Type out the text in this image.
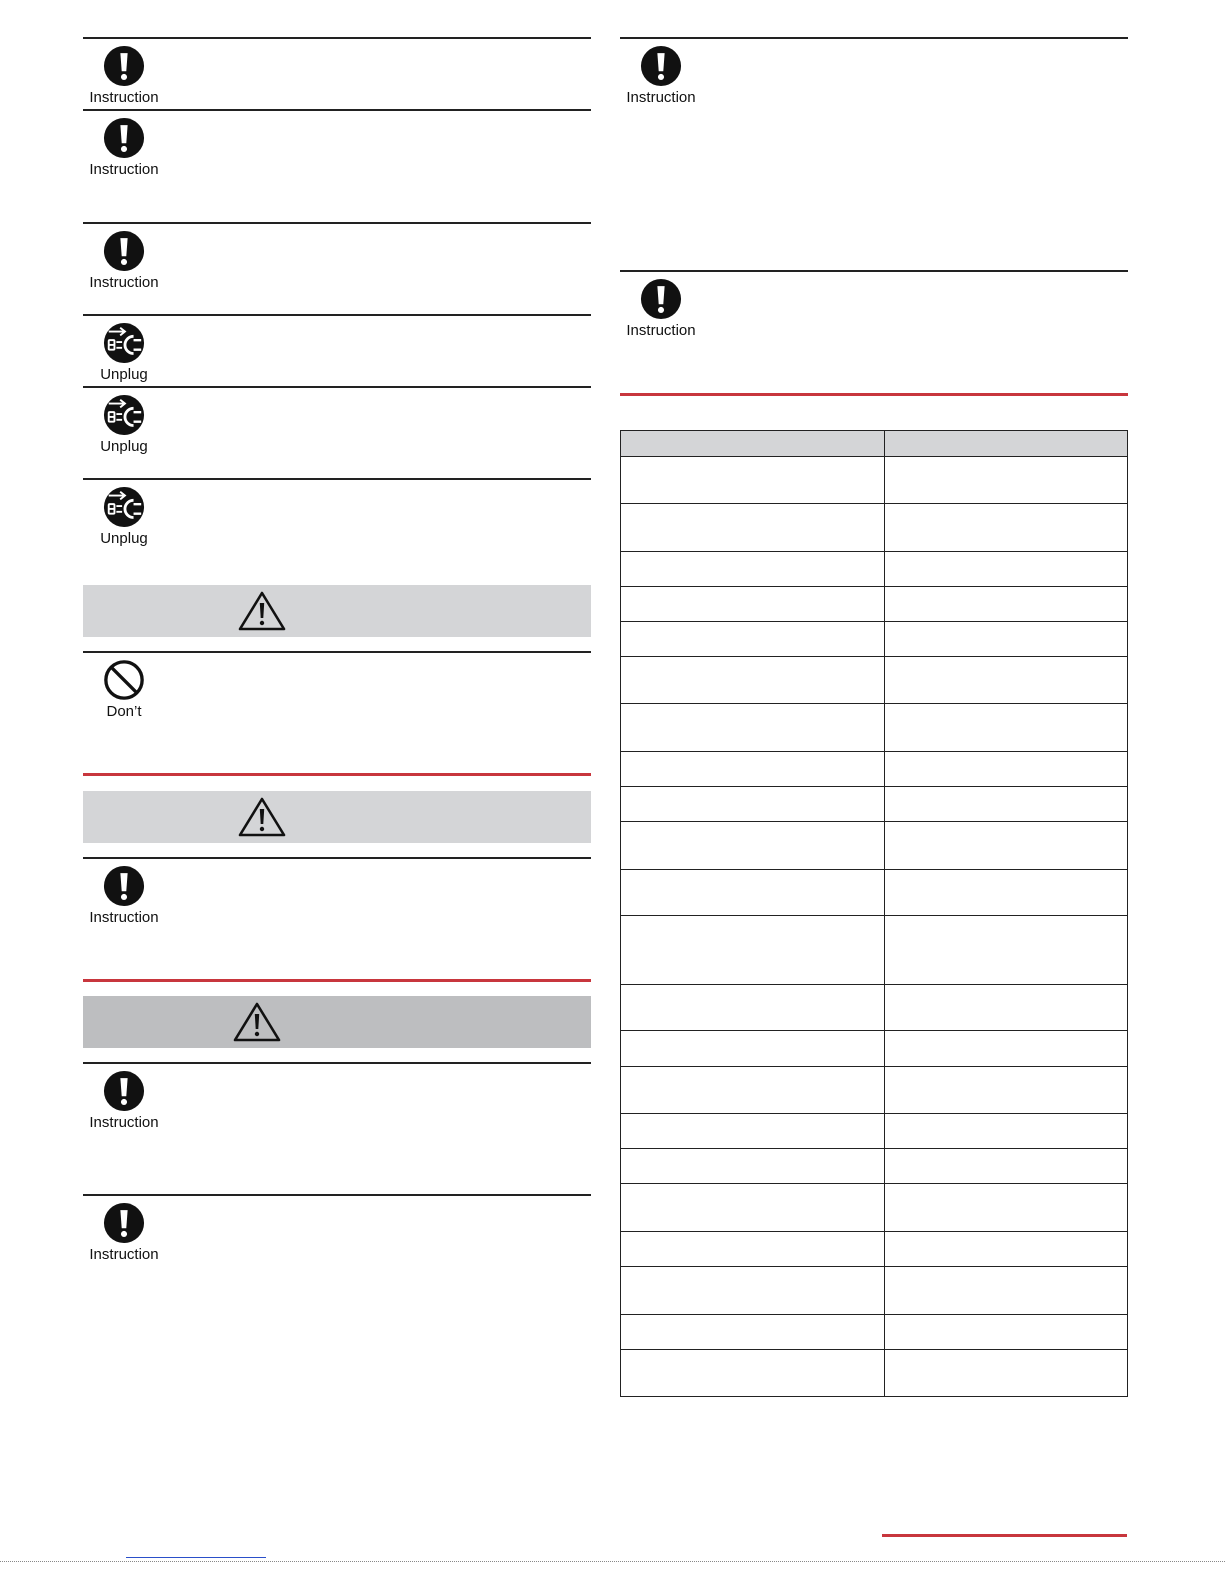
Instruction
Instruction
Instruction
Unplug
Unplug
Unplug
Don’t
Instruction
Instruction
Instruction
Instruction
Instruction
